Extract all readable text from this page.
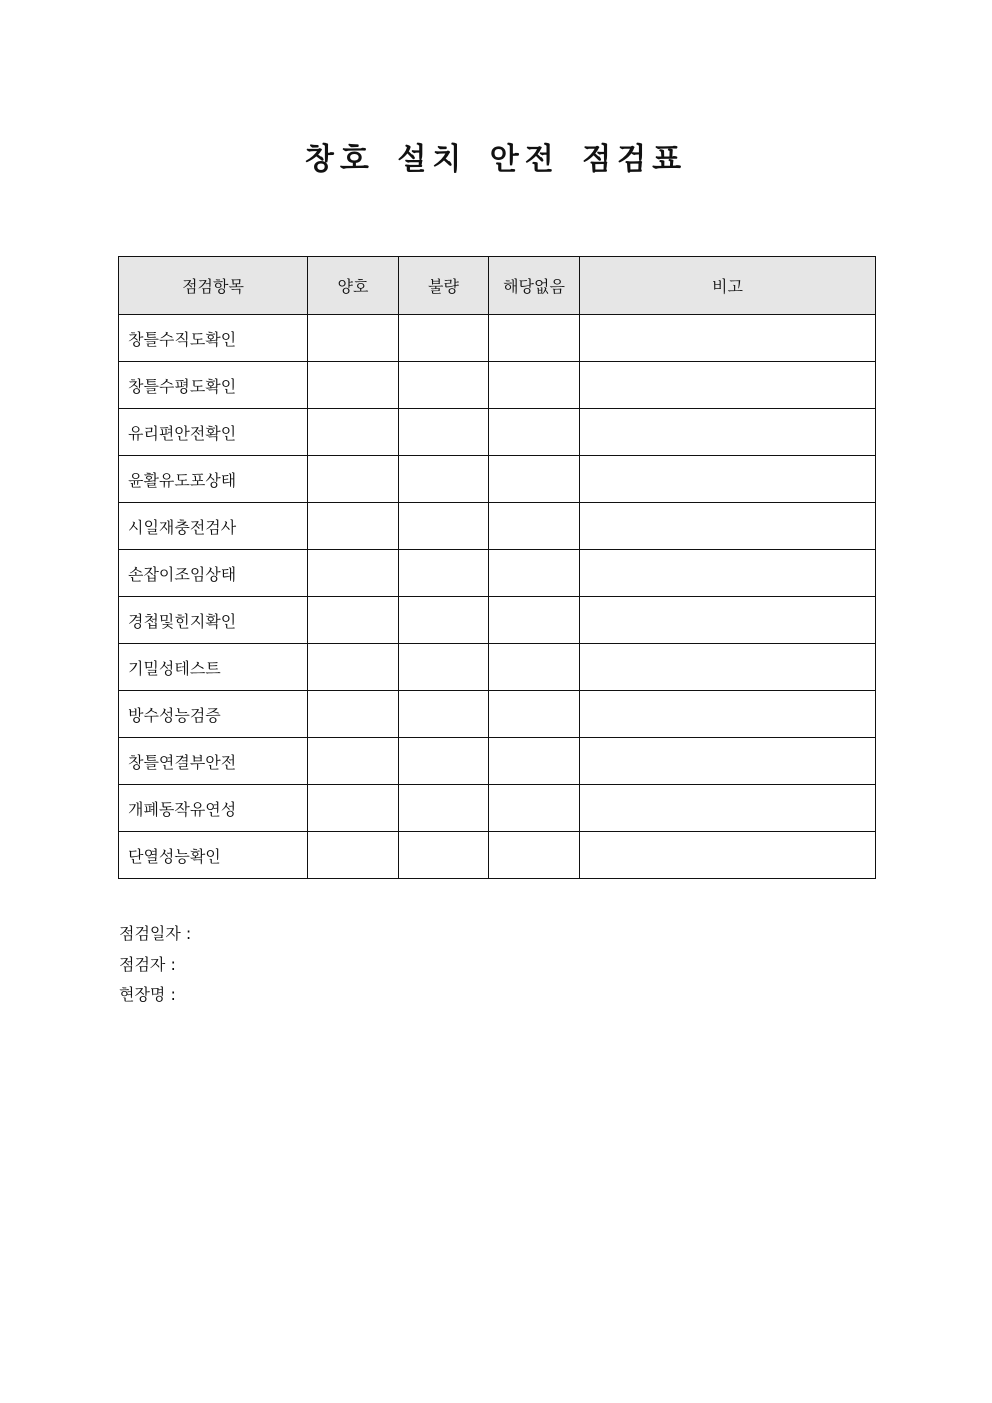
창호 설치 안전 점검표
점검항목	양호	불량	해당없음	비고
창틀수직도확인				
창틀수평도확인				
유리편안전확인				
윤활유도포상태				
시일재충전검사				
손잡이조임상태				
경첩및힌지확인				
기밀성테스트				
방수성능검증				
창틀연결부안전				
개폐동작유연성				
단열성능확인				
점검일자 :
점검자 :
현장명 :
